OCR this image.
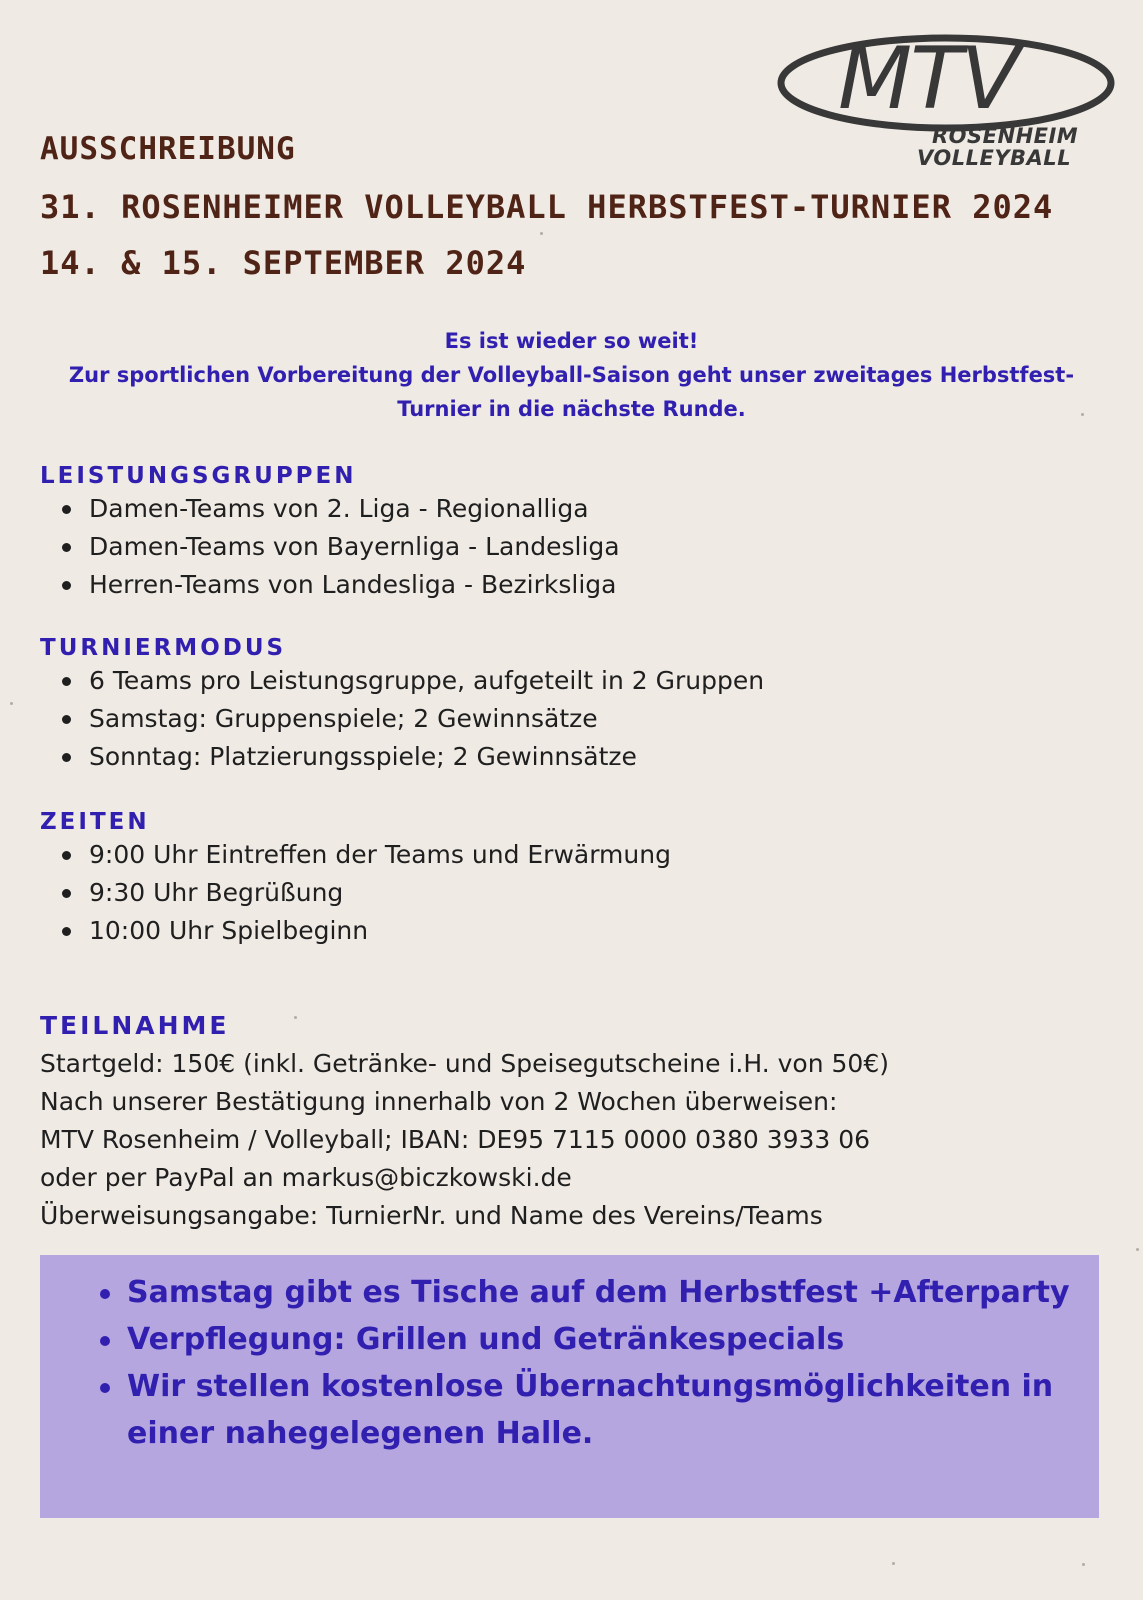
MTV
ROSENHEIM
VOLLEYBALL
AUSSCHREIBUNG
31. ROSENHEIMER VOLLEYBALL HERBSTFEST-TURNIER 2024
14. & 15. SEPTEMBER 2024
Es ist wieder so weit!
Zur sportlichen Vorbereitung der Volleyball-Saison geht unser zweitages Herbstfest-
Turnier in die nächste Runde.
LEISTUNGSGRUPPEN
Damen-Teams von 2. Liga - Regionalliga
Damen-Teams von Bayernliga - Landesliga
Herren-Teams von Landesliga - Bezirksliga
TURNIERMODUS
6 Teams pro Leistungsgruppe, aufgeteilt in 2 Gruppen
Samstag: Gruppenspiele; 2 Gewinnsätze
Sonntag: Platzierungsspiele; 2 Gewinnsätze
ZEITEN
9:00 Uhr Eintreffen der Teams und Erwärmung
9:30 Uhr Begrüßung
10:00 Uhr Spielbeginn
TEILNAHME
Startgeld: 150€ (inkl. Getränke- und Speisegutscheine i.H. von 50€)
Nach unserer Bestätigung innerhalb von 2 Wochen überweisen:
MTV Rosenheim / Volleyball; IBAN: DE95 7115 0000 0380 3933 06
oder per PayPal an markus@biczkowski.de
Überweisungsangabe: TurnierNr. und Name des Vereins/Teams
Samstag gibt es Tische auf dem Herbstfest +Afterparty
Verpflegung: Grillen und Getränkespecials
Wir stellen kostenlose Übernachtungsmöglichkeiten in einer nahegelegenen Halle.
